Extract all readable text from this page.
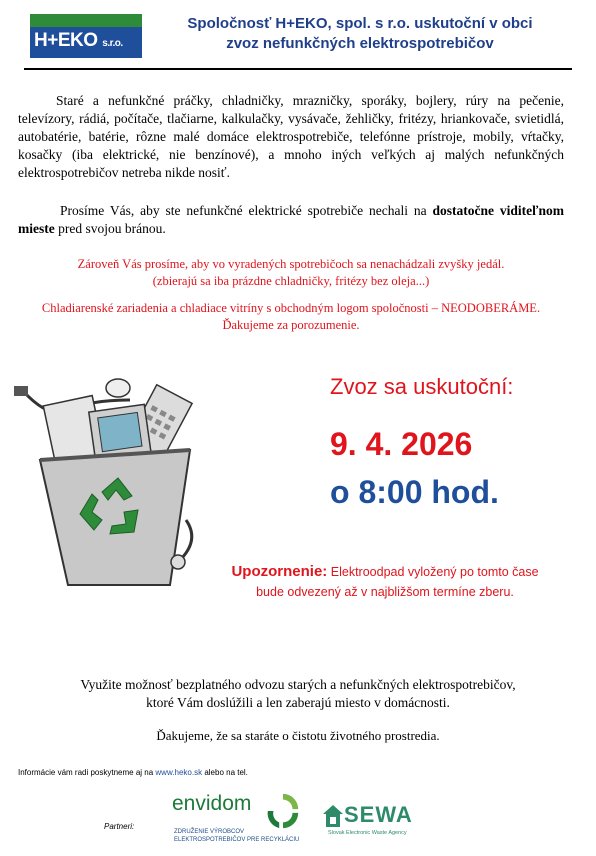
H+EKO s.r.o.
Spoločnosť H+EKO, spol. s r.o. uskutoční v obci
zvoz nefunkčných elektrospotrebičov
Staré a nefunkčné práčky, chladničky, mrazničky, sporáky, bojlery, rúry na pečenie, televízory, rádiá, počítače, tlačiarne, kalkulačky, vysávače, žehličky, fritézy, hriankovače, svietidlá, autobatérie, batérie, rôzne malé domáce elektrospotrebiče, telefónne prístroje, mobily, vŕtačky, kosačky (iba elektrické, nie benzínové), a mnoho iných veľkých aj malých nefunkčných elektrospotrebičov netreba nikde nosiť.
Prosíme Vás, aby ste nefunkčné elektrické spotrebiče nechali na dostatočne viditeľnom mieste pred svojou bránou.
Zároveň Vás prosíme, aby vo vyradených spotrebičoch sa nenachádzali zvyšky jedál.
(zbierajú sa iba prázdne chladničky, fritézy bez oleja...)
Chladiarenské zariadenia a chladiace vitríny s obchodným logom spoločnosti – NEODOBERÁME.
Ďakujeme za porozumenie.
Zvoz sa uskutoční:
9. 4. 2026
o 8:00 hod.
Upozornenie: Elektroodpad vyložený po tomto čase
bude odvezený až v najbližšom termíne zberu.
Využite možnosť bezplatného odvozu starých a nefunkčných elektrospotrebičov,
ktoré Vám doslúžili a len zaberajú miesto v domácnosti.
Ďakujeme, že sa staráte o čistotu životného prostredia.
Informácie vám radi poskytneme aj na www.heko.sk alebo na tel.
Partneri:
envidom
ZDRUŽENIE VÝROBCOV
ELEKTROSPOTREBIČOV PRE RECYKLÁCIU
SEWA
Slovak Electronic Waste Agency
